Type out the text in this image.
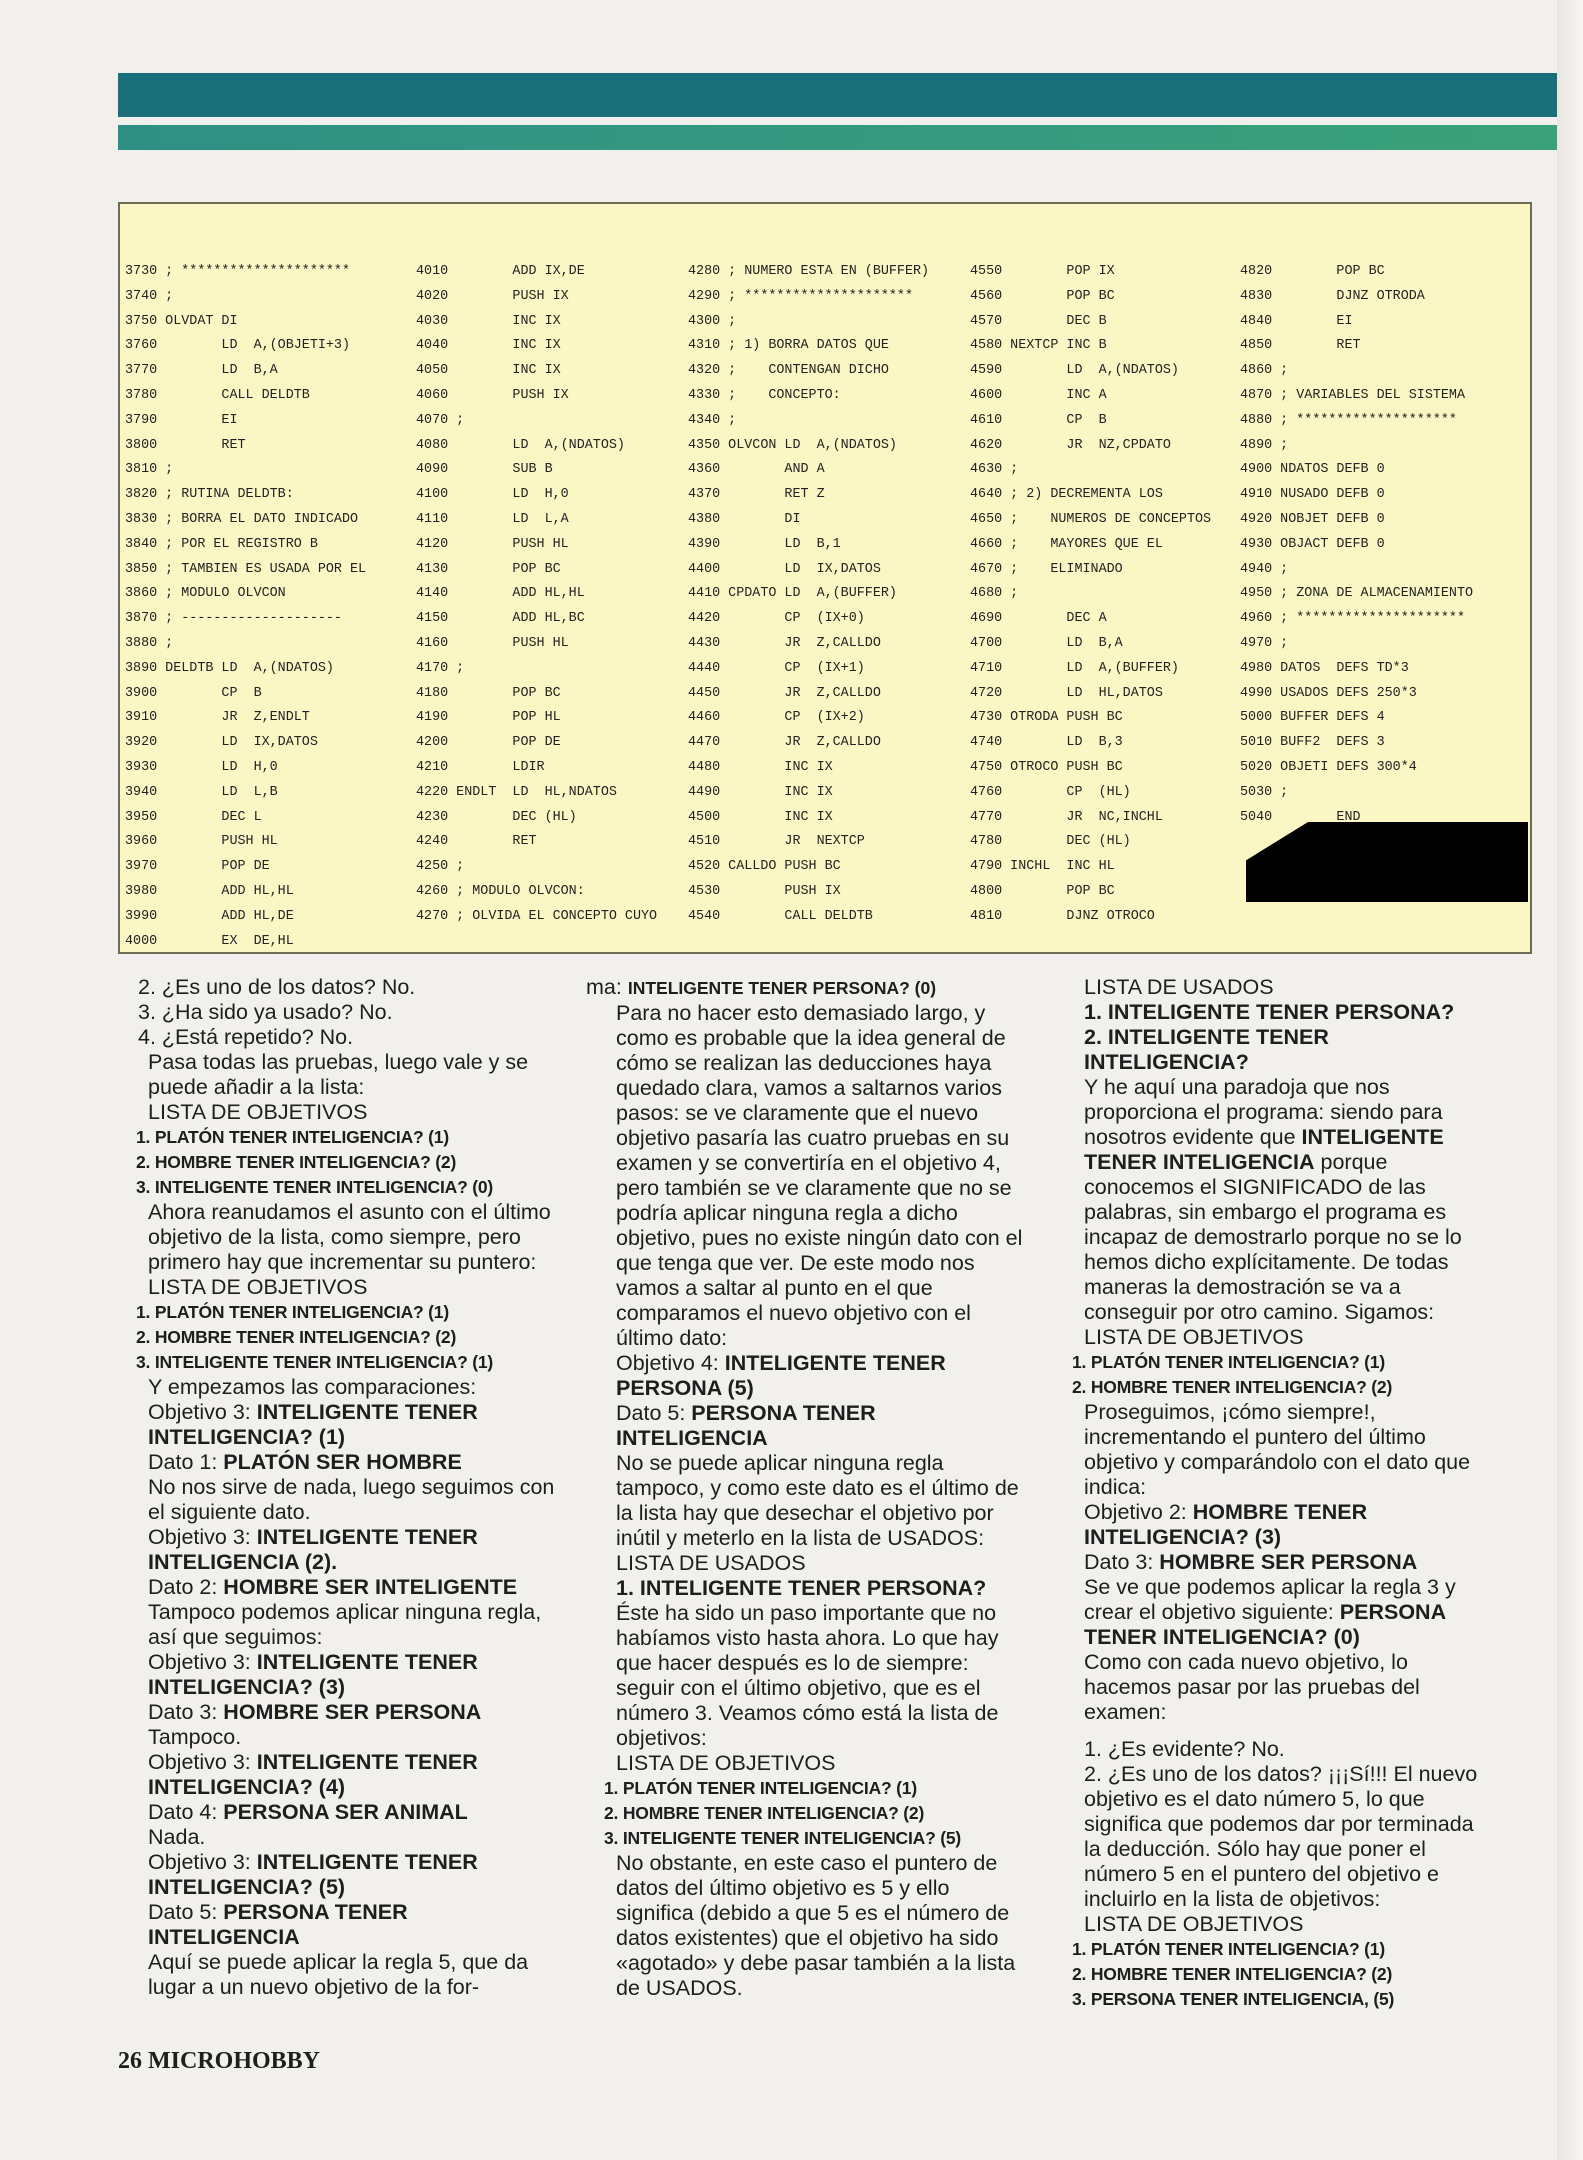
3730 ; *********************
3740 ;
3750 OLVDAT DI
3760        LD  A,(OBJETI+3)
3770        LD  B,A
3780        CALL DELDTB
3790        EI
3800        RET
3810 ;
3820 ; RUTINA DELDTB:
3830 ; BORRA EL DATO INDICADO
3840 ; POR EL REGISTRO B
3850 ; TAMBIEN ES USADA POR EL
3860 ; MODULO OLVCON
3870 ; --------------------
3880 ;
3890 DELDTB LD  A,(NDATOS)
3900        CP  B
3910        JR  Z,ENDLT
3920        LD  IX,DATOS
3930        LD  H,0
3940        LD  L,B
3950        DEC L
3960        PUSH HL
3970        POP DE
3980        ADD HL,HL
3990        ADD HL,DE
4000        EX  DE,HL
4010        ADD IX,DE
4020        PUSH IX
4030        INC IX
4040        INC IX
4050        INC IX
4060        PUSH IX
4070 ;
4080        LD  A,(NDATOS)
4090        SUB B
4100        LD  H,0
4110        LD  L,A
4120        PUSH HL
4130        POP BC
4140        ADD HL,HL
4150        ADD HL,BC
4160        PUSH HL
4170 ;
4180        POP BC
4190        POP HL
4200        POP DE
4210        LDIR
4220 ENDLT  LD  HL,NDATOS
4230        DEC (HL)
4240        RET
4250 ;
4260 ; MODULO OLVCON:
4270 ; OLVIDA EL CONCEPTO CUYO
4280 ; NUMERO ESTA EN (BUFFER)
4290 ; *********************
4300 ;
4310 ; 1) BORRA DATOS QUE
4320 ;    CONTENGAN DICHO
4330 ;    CONCEPTO:
4340 ;
4350 OLVCON LD  A,(NDATOS)
4360        AND A
4370        RET Z
4380        DI
4390        LD  B,1
4400        LD  IX,DATOS
4410 CPDATO LD  A,(BUFFER)
4420        CP  (IX+0)
4430        JR  Z,CALLDO
4440        CP  (IX+1)
4450        JR  Z,CALLDO
4460        CP  (IX+2)
4470        JR  Z,CALLDO
4480        INC IX
4490        INC IX
4500        INC IX
4510        JR  NEXTCP
4520 CALLDO PUSH BC
4530        PUSH IX
4540        CALL DELDTB
4550        POP IX
4560        POP BC
4570        DEC B
4580 NEXTCP INC B
4590        LD  A,(NDATOS)
4600        INC A
4610        CP  B
4620        JR  NZ,CPDATO
4630 ;
4640 ; 2) DECREMENTA LOS
4650 ;    NUMEROS DE CONCEPTOS
4660 ;    MAYORES QUE EL
4670 ;    ELIMINADO
4680 ;
4690        DEC A
4700        LD  B,A
4710        LD  A,(BUFFER)
4720        LD  HL,DATOS
4730 OTRODA PUSH BC
4740        LD  B,3
4750 OTROCO PUSH BC
4760        CP  (HL)
4770        JR  NC,INCHL
4780        DEC (HL)
4790 INCHL  INC HL
4800        POP BC
4810        DJNZ OTROCO
4820        POP BC
4830        DJNZ OTRODA
4840        EI
4850        RET
4860 ;
4870 ; VARIABLES DEL SISTEMA
4880 ; ********************
4890 ;
4900 NDATOS DEFB 0
4910 NUSADO DEFB 0
4920 NOBJET DEFB 0
4930 OBJACT DEFB 0
4940 ;
4950 ; ZONA DE ALMACENAMIENTO
4960 ; *********************
4970 ;
4980 DATOS  DEFS TD*3
4990 USADOS DEFS 250*3
5000 BUFFER DEFS 4
5010 BUFF2  DEFS 3
5020 OBJETI DEFS 300*4
5030 ;
5040        END

2. ¿Es uno de los datos? No.

3. ¿Ha sido ya usado? No.

4. ¿Está repetido? No.

Pasa todas las pruebas, luego vale y se puede añadir a la lista:

LISTA DE OBJETIVOS

1. PLATÓN TENER INTELIGENCIA? (1)

2. HOMBRE TENER INTELIGENCIA? (2)

3. INTELIGENTE TENER INTELIGENCIA? (0)

Ahora reanudamos el asunto con el último objetivo de la lista, como siempre, pero primero hay que incrementar su puntero:

LISTA DE OBJETIVOS

1. PLATÓN TENER INTELIGENCIA? (1)

2. HOMBRE TENER INTELIGENCIA? (2)

3. INTELIGENTE TENER INTELIGENCIA? (1)

Y empezamos las comparaciones:

Objetivo 3: INTELIGENTE TENER INTELIGENCIA? (1)

Dato 1: PLATÓN SER HOMBRE

No nos sirve de nada, luego seguimos con el siguiente dato.

Objetivo 3: INTELIGENTE TENER INTELIGENCIA (2).

Dato 2: HOMBRE SER INTELIGENTE

Tampoco podemos aplicar ninguna regla, así que seguimos:

Objetivo 3: INTELIGENTE TENER INTELIGENCIA? (3)

Dato 3: HOMBRE SER PERSONA

Tampoco.

Objetivo 3: INTELIGENTE TENER INTELIGENCIA? (4)

Dato 4: PERSONA SER ANIMAL

Nada.

Objetivo 3: INTELIGENTE TENER INTELIGENCIA? (5)

Dato 5: PERSONA TENER INTELIGENCIA

Aquí se puede aplicar la regla 5, que da lugar a un nuevo objetivo de la for-

ma: INTELIGENTE TENER PERSONA? (0)

Para no hacer esto demasiado largo, y como es probable que la idea general de cómo se realizan las deducciones haya quedado clara, vamos a saltarnos varios pasos: se ve claramente que el nuevo objetivo pasaría las cuatro pruebas en su examen y se convertiría en el objetivo 4, pero también se ve claramente que no se podría aplicar ninguna regla a dicho objetivo, pues no existe ningún dato con el que tenga que ver. De este modo nos vamos a saltar al punto en el que comparamos el nuevo objetivo con el último dato:

Objetivo 4: INTELIGENTE TENER PERSONA (5)

Dato 5: PERSONA TENER INTELIGENCIA

No se puede aplicar ninguna regla tampoco, y como este dato es el último de la lista hay que desechar el objetivo por inútil y meterlo en la lista de USADOS:

LISTA DE USADOS

1. INTELIGENTE TENER PERSONA?

Éste ha sido un paso importante que no habíamos visto hasta ahora. Lo que hay que hacer después es lo de siempre: seguir con el último objetivo, que es el número 3. Veamos cómo está la lista de objetivos:

LISTA DE OBJETIVOS

1. PLATÓN TENER INTELIGENCIA? (1)

2. HOMBRE TENER INTELIGENCIA? (2)

3. INTELIGENTE TENER INTELIGENCIA? (5)

No obstante, en este caso el puntero de datos del último objetivo es 5 y ello significa (debido a que 5 es el número de datos existentes) que el objetivo ha sido «agotado» y debe pasar también a la lista de USADOS.

LISTA DE USADOS

1. INTELIGENTE TENER PERSONA?

2. INTELIGENTE TENER INTELIGENCIA?

Y he aquí una paradoja que nos proporciona el programa: siendo para nosotros evidente que INTELIGENTE TENER INTELIGENCIA porque conocemos el SIGNIFICADO de las palabras, sin embargo el programa es incapaz de demostrarlo porque no se lo hemos dicho explícitamente. De todas maneras la demostración se va a conseguir por otro camino. Sigamos:

LISTA DE OBJETIVOS

1. PLATÓN TENER INTELIGENCIA? (1)

2. HOMBRE TENER INTELIGENCIA? (2)

Proseguimos, ¡cómo siempre!, incrementando el puntero del último objetivo y comparándolo con el dato que indica:

Objetivo 2: HOMBRE TENER INTELIGENCIA? (3)

Dato 3: HOMBRE SER PERSONA

Se ve que podemos aplicar la regla 3 y crear el objetivo siguiente: PERSONA TENER INTELIGENCIA? (0)

Como con cada nuevo objetivo, lo hacemos pasar por las pruebas del examen:

1. ¿Es evidente? No.

2. ¿Es uno de los datos? ¡¡¡Sí!!! El nuevo objetivo es el dato número 5, lo que significa que podemos dar por terminada la deducción. Sólo hay que poner el número 5 en el puntero del objetivo e incluirlo en la lista de objetivos:

LISTA DE OBJETIVOS

1. PLATÓN TENER INTELIGENCIA? (1)

2. HOMBRE TENER INTELIGENCIA? (2)

3. PERSONA TENER INTELIGENCIA, (5)

26 MICROHOBBY
